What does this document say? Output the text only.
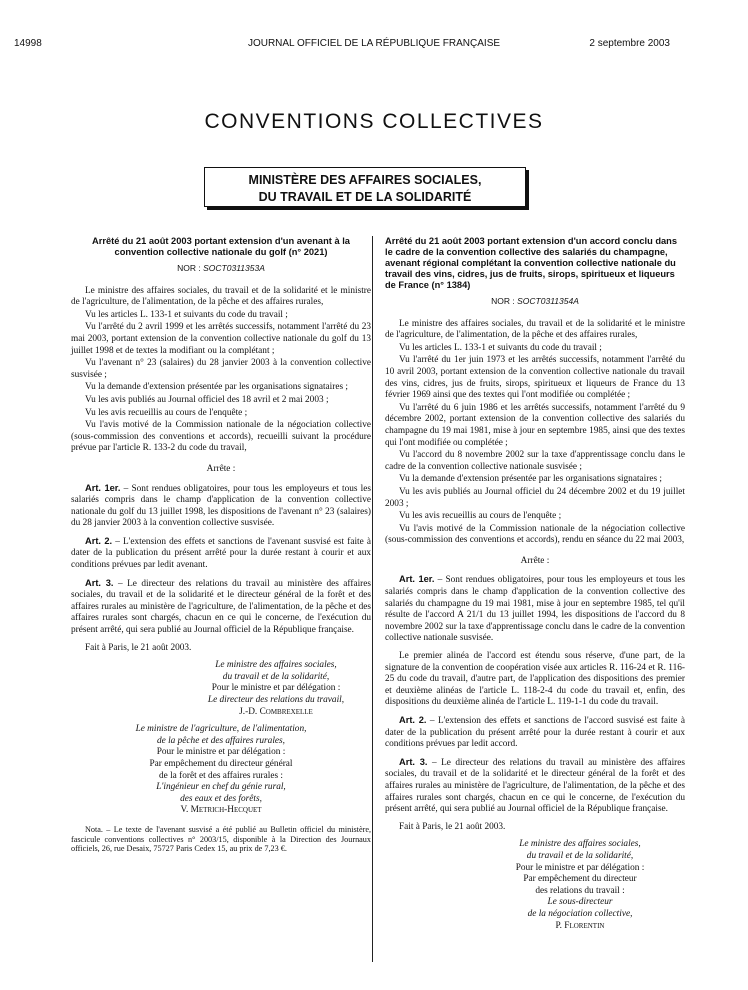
14998	JOURNAL OFFICIEL DE LA RÉPUBLIQUE FRANÇAISE	2 septembre 2003
CONVENTIONS COLLECTIVES
MINISTÈRE DES AFFAIRES SOCIALES,
DU TRAVAIL ET DE LA SOLIDARITÉ
Arrêté du 21 août 2003 portant extension d'un avenant à la convention collective nationale du golf (n° 2021)
NOR : SOCT0311353A

Le ministre des affaires sociales, du travail et de la solidarité et le ministre de l'agriculture, de l'alimentation, de la pêche et des affaires rurales,

Vu les articles L. 133-1 et suivants du code du travail ;

Vu l'arrêté du 2 avril 1999 et les arrêtés successifs, notamment l'arrêté du 23 mai 2003, portant extension de la convention collective nationale du golf du 13 juillet 1998 et de textes la modifiant ou la complétant ;

Vu l'avenant n° 23 (salaires) du 28 janvier 2003 à la convention collective susvisée ;

Vu la demande d'extension présentée par les organisations signataires ;

Vu les avis publiés au Journal officiel des 18 avril et 2 mai 2003 ;

Vu les avis recueillis au cours de l'enquête ;

Vu l'avis motivé de la Commission nationale de la négociation collective (sous-commission des conventions et accords), recueilli suivant la procédure prévue par l'article R. 133-2 du code du travail,

Arrête :

Art. 1er. – Sont rendues obligatoires, pour tous les employeurs et tous les salariés compris dans le champ d'application de la convention collective nationale du golf du 13 juillet 1998, les dispositions de l'avenant n° 23 (salaires) du 28 janvier 2003 à la convention collective susvisée.

Art. 2. – L'extension des effets et sanctions de l'avenant susvisé est faite à dater de la publication du présent arrêté pour la durée restant à courir et aux conditions prévues par ledit avenant.

Art. 3. – Le directeur des relations du travail au ministère des affaires sociales, du travail et de la solidarité et le directeur général de la forêt et des affaires rurales au ministère de l'agriculture, de l'alimentation, de la pêche et des affaires rurales sont chargés, chacun en ce qui le concerne, de l'exécution du présent arrêté, qui sera publié au Journal officiel de la République française.

Fait à Paris, le 21 août 2003.

Le ministre des affaires sociales,

du travail et de la solidarité,

Pour le ministre et par délégation :

Le directeur des relations du travail,

J.-D. Combrexelle

Le ministre de l'agriculture, de l'alimentation,

de la pêche et des affaires rurales,

Pour le ministre et par délégation :

Par empêchement du directeur général

de la forêt et des affaires rurales :

L'ingénieur en chef du génie rural,

des eaux et des forêts,

V. Metrich-Hecquet

Nota. – Le texte de l'avenant susvisé a été publié au Bulletin officiel du ministère, fascicule conventions collectives n° 2003/15, disponible à la Direction des Journaux officiels, 26, rue Desaix, 75727 Paris Cedex 15, au prix de 7,23 €.

Arrêté du 21 août 2003 portant extension d'un accord conclu dans le cadre de la convention collective des salariés du champagne, avenant régional complétant la convention collective nationale du travail des vins, cidres, jus de fruits, sirops, spiritueux et liqueurs de France (n° 1384)
NOR : SOCT0311354A

Le ministre des affaires sociales, du travail et de la solidarité et le ministre de l'agriculture, de l'alimentation, de la pêche et des affaires rurales,

Vu les articles L. 133-1 et suivants du code du travail ;

Vu l'arrêté du 1er juin 1973 et les arrêtés successifs, notamment l'arrêté du 10 avril 2003, portant extension de la convention collective nationale du travail des vins, cidres, jus de fruits, sirops, spiritueux et liqueurs de France du 13 février 1969 ainsi que des textes qui l'ont modifiée ou complétée ;

Vu l'arrêté du 6 juin 1986 et les arrêtés successifs, notamment l'arrêté du 9 décembre 2002, portant extension de la convention collective des salariés du champagne du 19 mai 1981, mise à jour en septembre 1985, ainsi que des textes qui l'ont modifiée ou complétée ;

Vu l'accord du 8 novembre 2002 sur la taxe d'apprentissage conclu dans le cadre de la convention collective nationale susvisée ;

Vu la demande d'extension présentée par les organisations signataires ;

Vu les avis publiés au Journal officiel du 24 décembre 2002 et du 19 juillet 2003 ;

Vu les avis recueillis au cours de l'enquête ;

Vu l'avis motivé de la Commission nationale de la négociation collective (sous-commission des conventions et accords), rendu en séance du 22 mai 2003,

Arrête :

Art. 1er. – Sont rendues obligatoires, pour tous les employeurs et tous les salariés compris dans le champ d'application de la convention collective des salariés du champagne du 19 mai 1981, mise à jour en septembre 1985, tel qu'il résulte de l'accord A 21/1 du 13 juillet 1994, les dispositions de l'accord du 8 novembre 2002 sur la taxe d'apprentissage conclu dans le cadre de la convention collective nationale susvisée.

Le premier alinéa de l'accord est étendu sous réserve, d'une part, de la signature de la convention de coopération visée aux articles R. 116-24 et R. 116-25 du code du travail, d'autre part, de l'application des dispositions des premier et deuxième alinéas de l'article L. 118-2-4 du code du travail et, enfin, des dispositions du deuxième alinéa de l'article L. 119-1-1 du code du travail.

Art. 2. – L'extension des effets et sanctions de l'accord susvisé est faite à dater de la publication du présent arrêté pour la durée restant à courir et aux conditions prévues par ledit accord.

Art. 3. – Le directeur des relations du travail au ministère des affaires sociales, du travail et de la solidarité et le directeur général de la forêt et des affaires rurales au ministère de l'agriculture, de l'alimentation, de la pêche et des affaires rurales sont chargés, chacun en ce qui le concerne, de l'exécution du présent arrêté, qui sera publié au Journal officiel de la République française.

Fait à Paris, le 21 août 2003.

Le ministre des affaires sociales,

du travail et de la solidarité,

Pour le ministre et par délégation :

Par empêchement du directeur

des relations du travail :

Le sous-directeur

de la négociation collective,

P. Florentin
